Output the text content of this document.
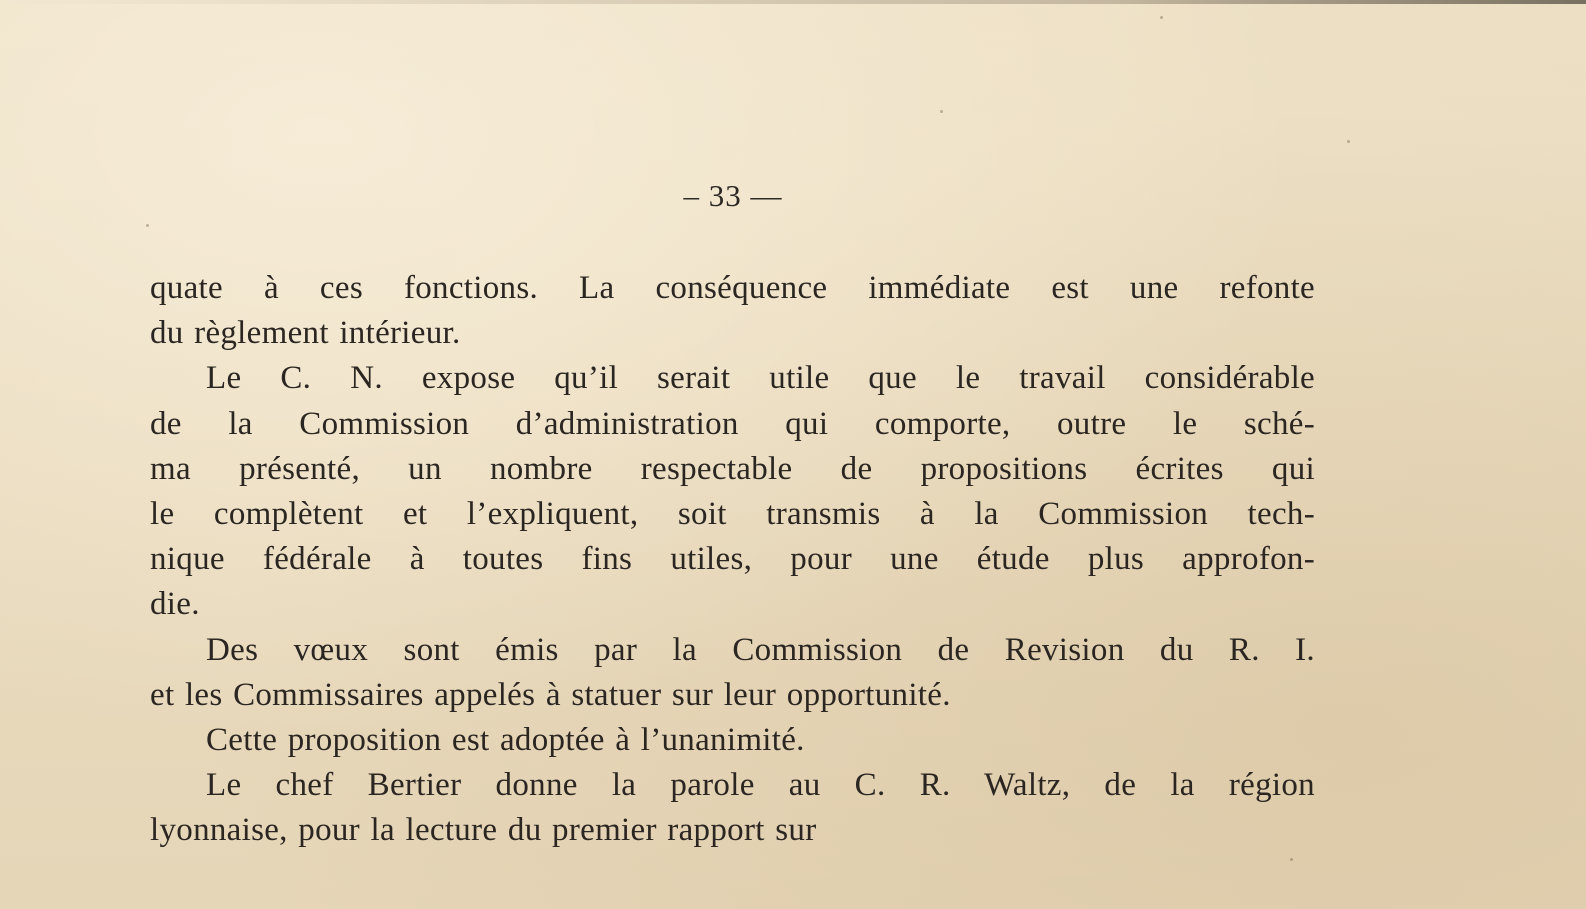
– 33 —
quate à ces fonctions. La conséquence immédiate est une refonte
du règlement intérieur.
Le C. N. expose qu’il serait utile que le travail considérable
de la Commission d’administration qui comporte, outre le sché-
ma présenté, un nombre respectable de propositions écrites qui
le complètent et l’expliquent, soit transmis à la Commission tech-
nique fédérale à toutes fins utiles, pour une étude plus approfon-
die.
Des vœux sont émis par la Commission de Revision du R. I.
et les Commissaires appelés à statuer sur leur opportunité.
Cette proposition est adoptée à l’unanimité.
Le chef Bertier donne la parole au C. R. Waltz, de la région
lyonnaise, pour la lecture du premier rapport sur
